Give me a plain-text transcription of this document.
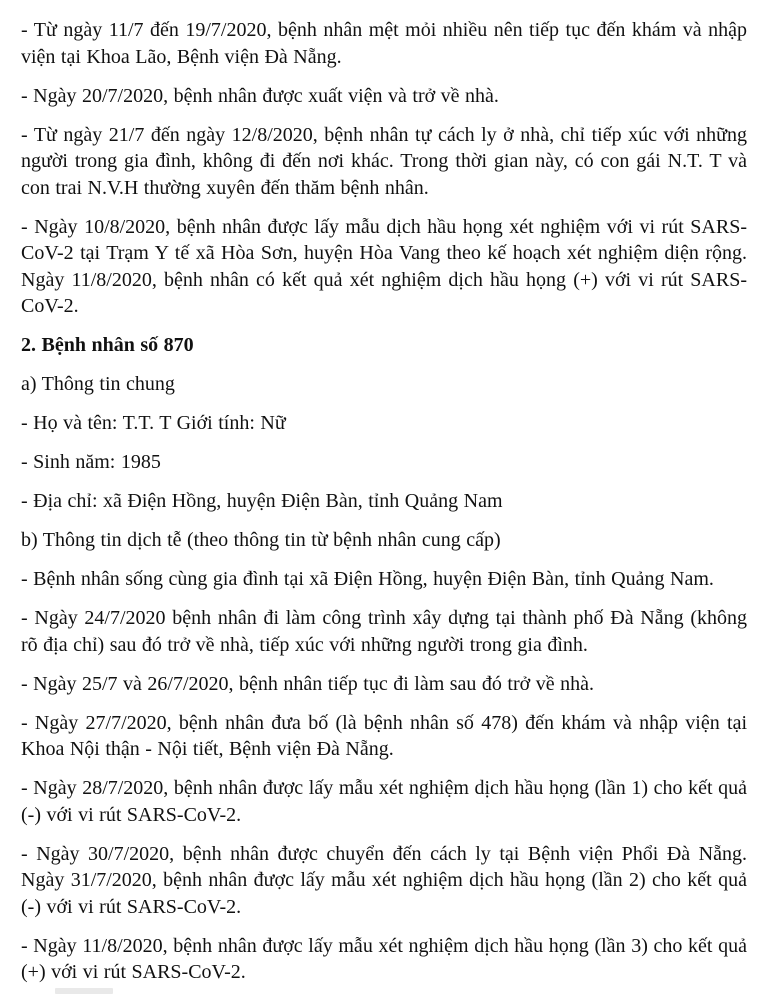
- Từ ngày 11/7 đến 19/7/2020, bệnh nhân mệt mỏi nhiều nên tiếp tục đến khám và nhập viện tại Khoa Lão, Bệnh viện Đà Nẵng.

- Ngày 20/7/2020, bệnh nhân được xuất viện và trở về nhà.

- Từ ngày 21/7 đến ngày 12/8/2020, bệnh nhân tự cách ly ở nhà, chỉ tiếp xúc với những người trong gia đình, không đi đến nơi khác. Trong thời gian này, có con gái N.T. T và con trai N.V.H thường xuyên đến thăm bệnh nhân.

- Ngày 10/8/2020, bệnh nhân được lấy mẫu dịch hầu họng xét nghiệm với vi rút SARS-CoV-2 tại Trạm Y tế xã Hòa Sơn, huyện Hòa Vang theo kế hoạch xét nghiệm diện rộng. Ngày 11/8/2020, bệnh nhân có kết quả xét nghiệm dịch hầu họng (+) với vi rút SARS-CoV-2.

2. Bệnh nhân số 870

a) Thông tin chung

- Họ và tên: T.T. T Giới tính: Nữ

- Sinh năm: 1985

- Địa chỉ: xã Điện Hồng, huyện Điện Bàn, tỉnh Quảng Nam

b) Thông tin dịch tễ (theo thông tin từ bệnh nhân cung cấp)

- Bệnh nhân sống cùng gia đình tại xã Điện Hồng, huyện Điện Bàn, tỉnh Quảng Nam.

- Ngày 24/7/2020 bệnh nhân đi làm công trình xây dựng tại thành phố Đà Nẵng (không rõ địa chỉ) sau đó trở về nhà, tiếp xúc với những người trong gia đình.

- Ngày 25/7 và 26/7/2020, bệnh nhân tiếp tục đi làm sau đó trở về nhà.

- Ngày 27/7/2020, bệnh nhân đưa bố (là bệnh nhân số 478) đến khám và nhập viện tại Khoa Nội thận - Nội tiết, Bệnh viện Đà Nẵng.

- Ngày 28/7/2020, bệnh nhân được lấy mẫu xét nghiệm dịch hầu họng (lần 1) cho kết quả (-) với vi rút SARS-CoV-2.

- Ngày 30/7/2020, bệnh nhân được chuyển đến cách ly tại Bệnh viện Phổi Đà Nẵng. Ngày 31/7/2020, bệnh nhân được lấy mẫu xét nghiệm dịch hầu họng (lần 2) cho kết quả (-) với vi rút SARS-CoV-2.

- Ngày 11/8/2020, bệnh nhân được lấy mẫu xét nghiệm dịch hầu họng (lần 3) cho kết quả (+) với vi rút SARS-CoV-2.
